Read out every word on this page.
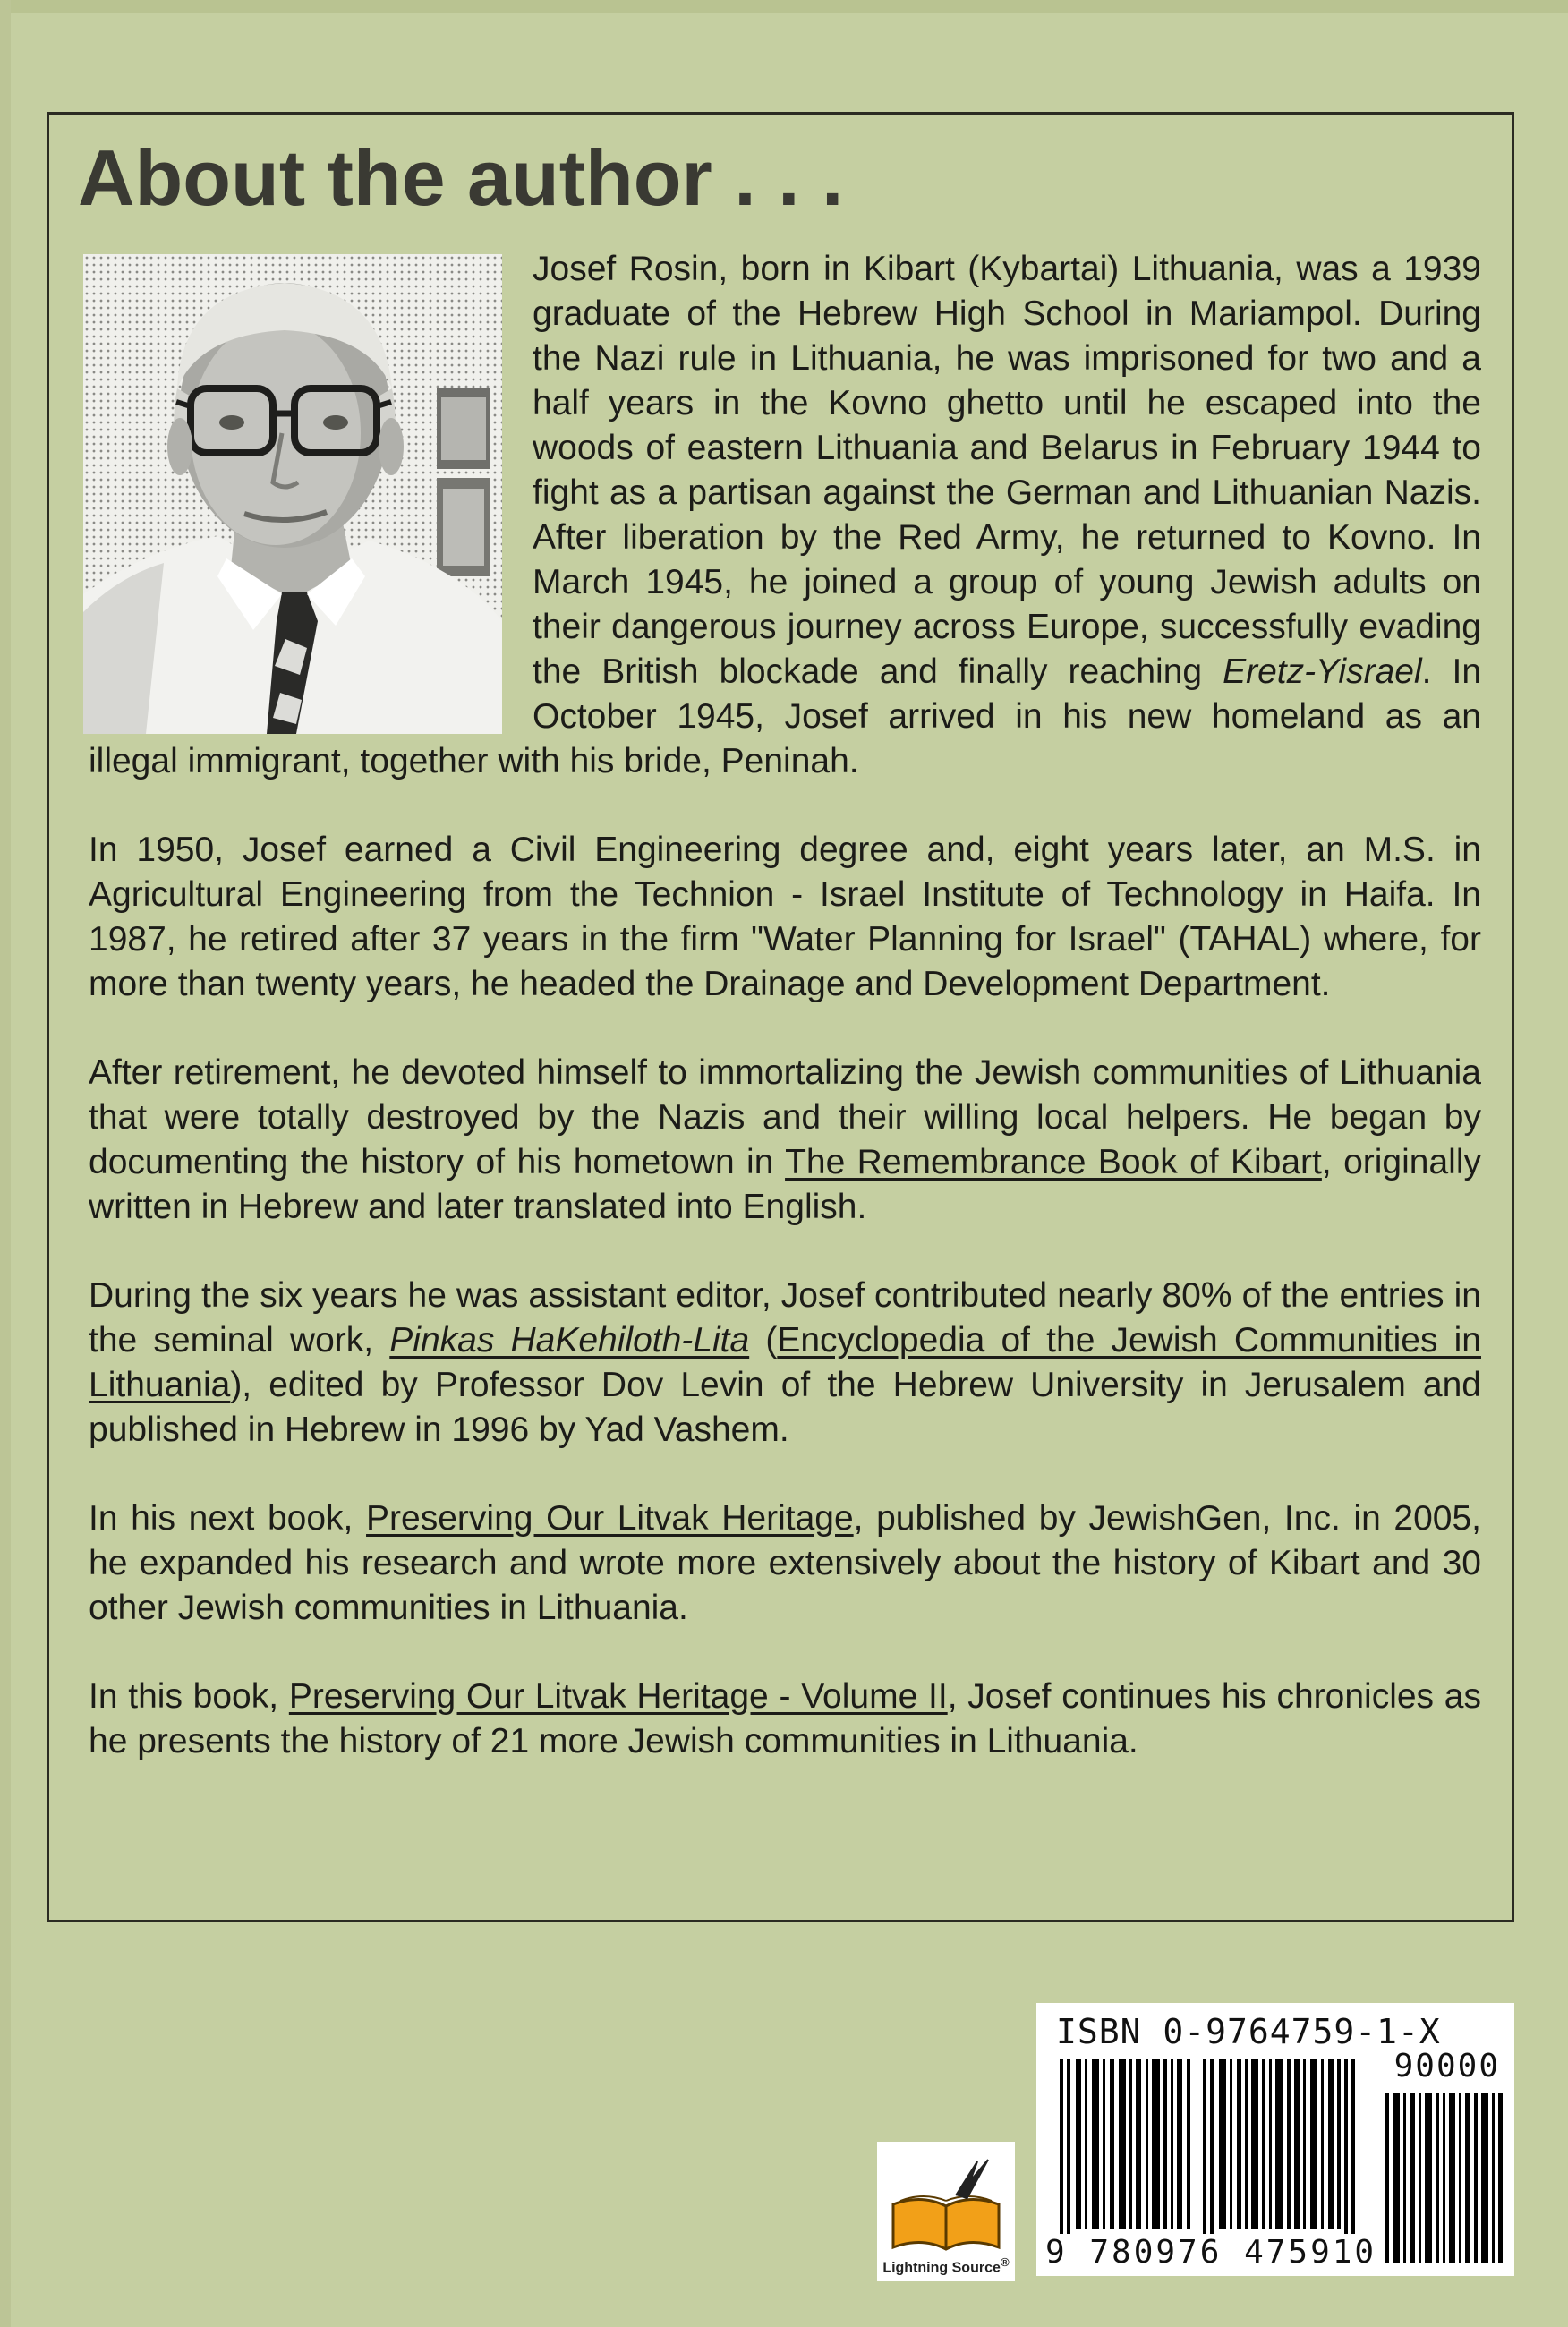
About the author . . .

Josef Rosin, born in Kibart (Kybartai) Lithuania, was a 1939 graduate of the Hebrew High School in Mariampol. During the Nazi rule in Lithuania, he was imprisoned for two and a half years in the Kovno ghetto until he escaped into the woods of eastern Lithuania and Belarus in February 1944 to fight as a partisan against the German and Lithuanian Nazis. After liberation by the Red Army, he returned to Kovno. In March 1945, he joined a group of young Jewish adults on their dangerous journey across Europe, successfully evading the British blockade and finally reaching Eretz-Yisrael. In October 1945, Josef arrived in his new homeland as an illegal immigrant, together with his bride, Peninah.

In 1950, Josef earned a Civil Engineering degree and, eight years later, an M.S. in Agricultural Engineering from the Technion - Israel Institute of Technology in Haifa. In 1987, he retired after 37 years in the firm "Water Planning for Israel" (TAHAL) where, for more than twenty years, he headed the Drainage and Development Department.

After retirement, he devoted himself to immortalizing the Jewish communities of Lithuania that were totally destroyed by the Nazis and their willing local helpers. He began by documenting the history of his hometown in The Remembrance Book of Kibart, originally written in Hebrew and later translated into English.

During the six years he was assistant editor, Josef contributed nearly 80% of the entries in the seminal work, Pinkas HaKehiloth-Lita (Encyclopedia of the Jewish Communities in Lithuania), edited by Professor Dov Levin of the Hebrew University in Jerusalem and published in Hebrew in 1996 by Yad Vashem.

In his next book, Preserving Our Litvak Heritage, published by JewishGen, Inc. in 2005, he expanded his research and wrote more extensively about the history of Kibart and 30 other Jewish communities in Lithuania.

In this book, Preserving Our Litvak Heritage - Volume II, Josef continues his chronicles as he presents the history of 21 more Jewish communities in Lithuania.

Lightning Source®
ISBN 0-9764759-1-X
90000
9 780976 475910
